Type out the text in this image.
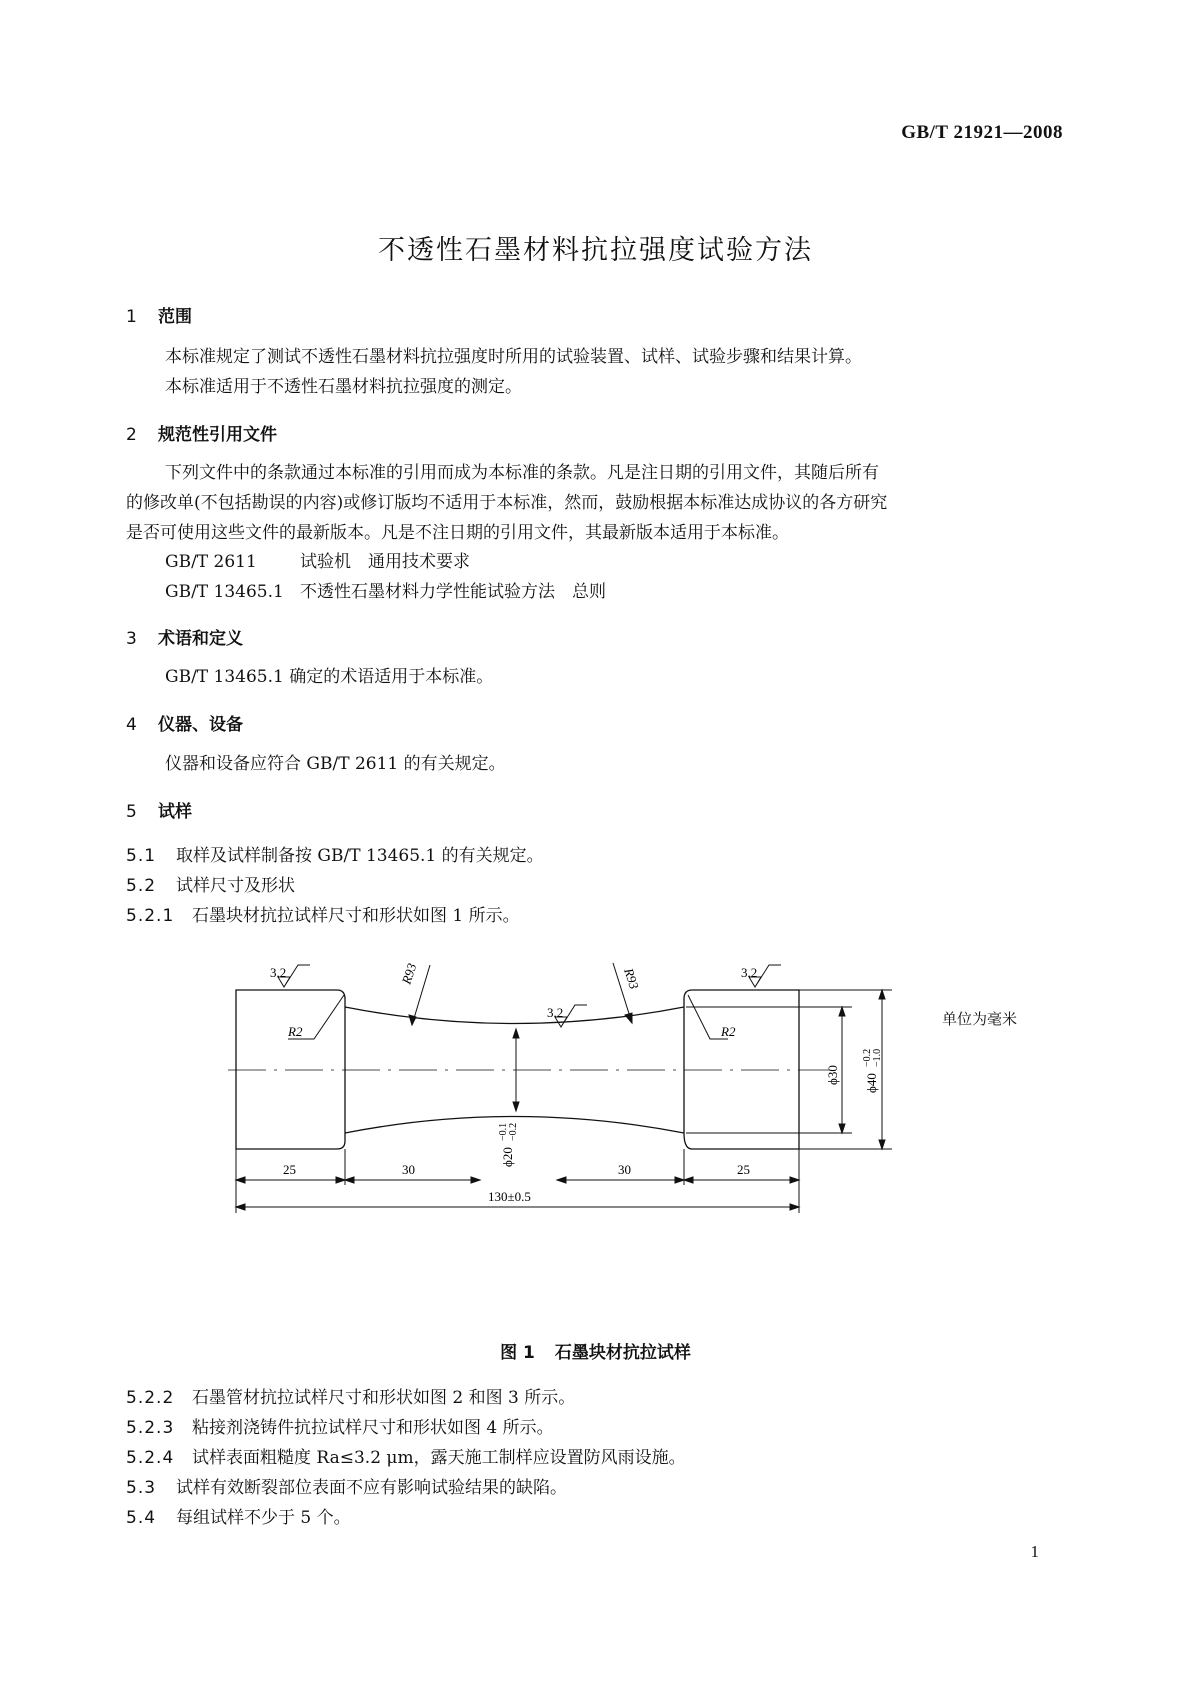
GB/T 21921—2008
不透性石墨材料抗拉强度试验方法
1 范围
本标准规定了测试不透性石墨材料抗拉强度时所用的试验装置、试样、试验步骤和结果计算。
本标准适用于不透性石墨材料抗拉强度的测定。
2 规范性引用文件
下列文件中的条款通过本标准的引用而成为本标准的条款。凡是注日期的引用文件，其随后所有
的修改单(不包括勘误的内容)或修订版均不适用于本标准，然而，鼓励根据本标准达成协议的各方研究
是否可使用这些文件的最新版本。凡是不注日期的引用文件，其最新版本适用于本标准。
GB/T 2611	试验机　通用技术要求
GB/T 13465.1 不透性石墨材料力学性能试验方法　总则
3 术语和定义
GB/T 13465.1 确定的术语适用于本标准。
4 仪器、设备
仪器和设备应符合 GB/T 2611 的有关规定。
5 试样
5.1 取样及试样制备按 GB/T 13465.1 的有关规定。
5.2 试样尺寸及形状
5.2.1 石墨块材抗拉试样尺寸和形状如图 1 所示。
单位为毫米
3.2	3.2
3.2
R93	R93
R2	R2
ϕ20
−0.1 −0.2
ϕ30 ϕ40
−0.2 −1.0
25	30	30	25
130±0.5
图 1 石墨块材抗拉试样
5.2.2 石墨管材抗拉试样尺寸和形状如图 2 和图 3 所示。
5.2.3 粘接剂浇铸件抗拉试样尺寸和形状如图 4 所示。
5.2.4 试样表面粗糙度 Ra≤3.2 μm，露天施工制样应设置防风雨设施。
5.3 试样有效断裂部位表面不应有影响试验结果的缺陷。
5.4 每组试样不少于 5 个。
1
